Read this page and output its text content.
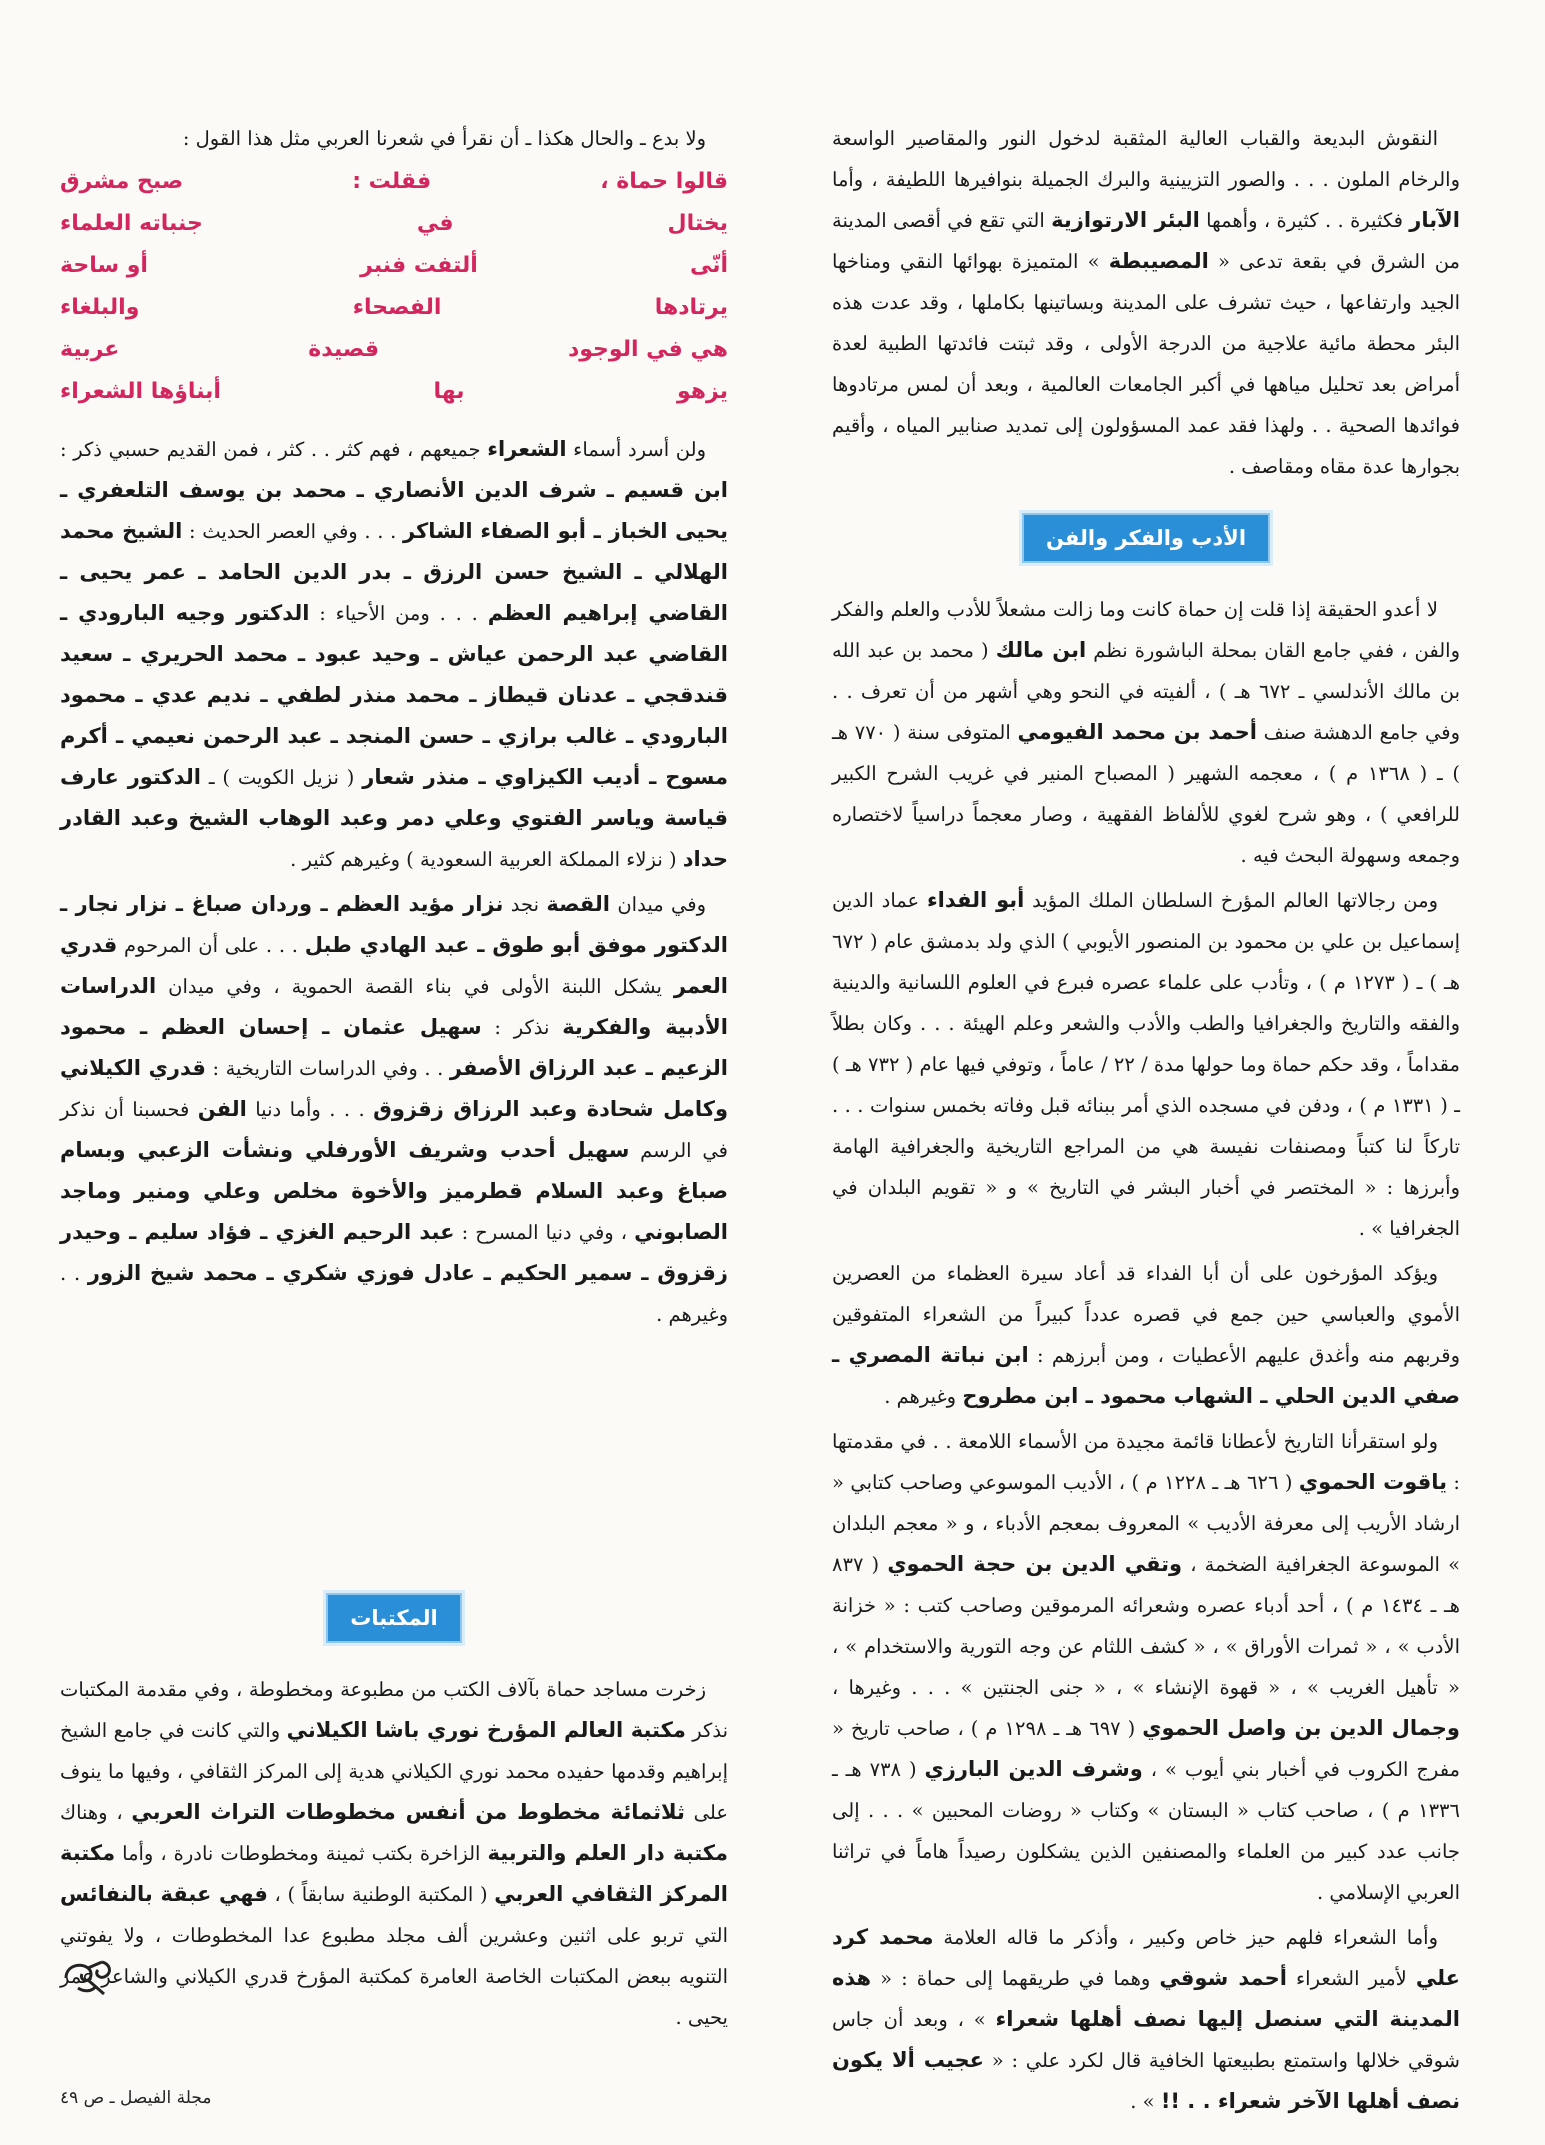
النقوش البديعة والقباب العالية المثقبة لدخول النور والمقاصير الواسعة والرخام الملون . . . والصور التزيينية والبرك الجميلة بنوافيرها اللطيفة ، وأما الآبار فكثيرة . . كثيرة ، وأهمها البئر الارتوازية التي تقع في أقصى المدينة من الشرق في بقعة تدعى « المصيبطة » المتميزة بهوائها النقي ومناخها الجيد وارتفاعها ، حيث تشرف على المدينة وبساتينها بكاملها ، وقد عدت هذه البئر محطة مائية علاجية من الدرجة الأولى ، وقد ثبتت فائدتها الطبية لعدة أمراض بعد تحليل مياهها في أكبر الجامعات العالمية ، وبعد أن لمس مرتادوها فوائدها الصحية . . ولهذا فقد عمد المسؤولون إلى تمديد صنابير المياه ، وأقيم بجوارها عدة مقاه ومقاصف .

الأدب والفكر والفن

لا أعدو الحقيقة إذا قلت إن حماة كانت وما زالت مشعلاً للأدب والعلم والفكر والفن ، ففي جامع القان بمحلة الباشورة نظم ابن مالك ( محمد بن عبد الله بن مالك الأندلسي ـ ٦٧٢ هـ ) ، ألفيته في النحو وهي أشهر من أن تعرف . . وفي جامع الدهشة صنف أحمد بن محمد الفيومي المتوفى سنة ( ٧٧٠ هـ ) ـ ( ١٣٦٨ م ) ، معجمه الشهير ( المصباح المنير في غريب الشرح الكبير للرافعي ) ، وهو شرح لغوي للألفاظ الفقهية ، وصار معجماً دراسياً لاختصاره وجمعه وسهولة البحث فيه .

ومن رجالاتها العالم المؤرخ السلطان الملك المؤيد أبو الفداء عماد الدين إسماعيل بن علي بن محمود بن المنصور الأيوبي ) الذي ولد بدمشق عام ( ٦٧٢ هـ ) ـ ( ١٢٧٣ م ) ، وتأدب على علماء عصره فبرع في العلوم اللسانية والدينية والفقه والتاريخ والجغرافيا والطب والأدب والشعر وعلم الهيئة . . . وكان بطلاً مقداماً ، وقد حكم حماة وما حولها مدة / ٢٢ / عاماً ، وتوفي فيها عام ( ٧٣٢ هـ ) ـ ( ١٣٣١ م ) ، ودفن في مسجده الذي أمر ببنائه قبل وفاته بخمس سنوات . . . تاركاً لنا كتباً ومصنفات نفيسة هي من المراجع التاريخية والجغرافية الهامة وأبرزها : « المختصر في أخبار البشر في التاريخ » و « تقويم البلدان في الجغرافيا » .

ويؤكد المؤرخون على أن أبا الفداء قد أعاد سيرة العظماء من العصرين الأموي والعباسي حين جمع في قصره عدداً كبيراً من الشعراء المتفوقين وقربهم منه وأغدق عليهم الأعطيات ، ومن أبرزهم : ابن نباتة المصري ـ صفي الدين الحلي ـ الشهاب محمود ـ ابن مطروح وغيرهم .

ولو استقرأنا التاريخ لأعطانا قائمة مجيدة من الأسماء اللامعة . . في مقدمتها : ياقوت الحموي ( ٦٢٦ هـ ـ ١٢٢٨ م ) ، الأديب الموسوعي وصاحب كتابي « ارشاد الأريب إلى معرفة الأديب » المعروف بمعجم الأدباء ، و « معجم البلدان » الموسوعة الجغرافية الضخمة ، وتقي الدين بن حجة الحموي ( ٨٣٧ هـ ـ ١٤٣٤ م ) ، أحد أدباء عصره وشعرائه المرموقين وصاحب كتب : « خزانة الأدب » ، « ثمرات الأوراق » ، « كشف اللثام عن وجه التورية والاستخدام » ، « تأهيل الغريب » ، « قهوة الإنشاء » ، « جنى الجنتين » . . . وغيرها ، وجمال الدين بن واصل الحموي ( ٦٩٧ هـ ـ ١٢٩٨ م ) ، صاحب تاريخ « مفرج الكروب في أخبار بني أيوب » ، وشرف الدين البارزي ( ٧٣٨ هـ ـ ١٣٣٦ م ) ، صاحب كتاب « البستان » وكتاب « روضات المحبين » . . . إلى جانب عدد كبير من العلماء والمصنفين الذين يشكلون رصيداً هاماً في تراثنا العربي الإسلامي .

وأما الشعراء فلهم حيز خاص وكبير ، وأذكر ما قاله العلامة محمد كرد علي لأمير الشعراء أحمد شوقي وهما في طريقهما إلى حماة : « هذه المدينة التي سنصل إليها نصف أهلها شعراء » ، وبعد أن جاس شوقي خلالها واستمتع بطبيعتها الخافية قال لكرد علي : « عجيب ألا يكون نصف أهلها الآخر شعراء . . !! » .

ولا بدع ـ والحال هكذا ـ أن نقرأ في شعرنا العربي مثل هذا القول :

قالوا حماة ،
فقلت :
صبح مشرق
يختال
في
جنباته العلماء
أنّى
ألتفت فنبر
أو ساحة
يرتادها
الفصحاء
والبلغاء
هي في الوجود
قصيدة
عربية
يزهو
بها
أبناؤها الشعراء

ولن أسرد أسماء الشعراء جميعهم ، فهم كثر . . كثر ، فمن القديم حسبي ذكر : ابن قسيم ـ شرف الدين الأنصاري ـ محمد بن يوسف التلعفري ـ يحيى الخباز ـ أبو الصفاء الشاكر . . . وفي العصر الحديث : الشيخ محمد الهلالي ـ الشيخ حسن الرزق ـ بدر الدين الحامد ـ عمر يحيى ـ القاضي إبراهيم العظم . . . ومن الأحياء : الدكتور وجيه البارودي ـ القاضي عبد الرحمن عياش ـ وحيد عبود ـ محمد الحريري ـ سعيد قندقجي ـ عدنان قيطاز ـ محمد منذر لطفي ـ نديم عدي ـ محمود البارودي ـ غالب برازي ـ حسن المنجد ـ عبد الرحمن نعيمي ـ أكرم مسوح ـ أديب الكيزاوي ـ منذر شعار ( نزيل الكويت ) ـ الدكتور عارف قياسة وياسر الفتوي وعلي دمر وعبد الوهاب الشيخ وعبد القادر حداد ( نزلاء المملكة العربية السعودية ) وغيرهم كثير .

وفي ميدان القصة نجد نزار مؤيد العظم ـ وردان صباغ ـ نزار نجار ـ الدكتور موفق أبو طوق ـ عبد الهادي طبل . . . على أن المرحوم قدري العمر يشكل اللبنة الأولى في بناء القصة الحموية ، وفي ميدان الدراسات الأدبية والفكرية نذكر : سهيل عثمان ـ إحسان العظم ـ محمود الزعيم ـ عبد الرزاق الأصفر . . وفي الدراسات التاريخية : قدري الكيلاني وكامل شحادة وعبد الرزاق زقزوق . . . وأما دنيا الفن فحسبنا أن نذكر في الرسم سهيل أحدب وشريف الأورفلي ونشأت الزعبي وبسام صباغ وعبد السلام قطرميز والأخوة مخلص وعلي ومنير وماجد الصابوني ، وفي دنيا المسرح : عبد الرحيم الغزي ـ فؤاد سليم ـ وحيدر زقزوق ـ سمير الحكيم ـ عادل فوزي شكري ـ محمد شيخ الزور . . وغيرهم .

المكتبات

زخرت مساجد حماة بآلاف الكتب من مطبوعة ومخطوطة ، وفي مقدمة المكتبات نذكر مكتبة العالم المؤرخ نوري باشا الكيلاني والتي كانت في جامع الشيخ إبراهيم وقدمها حفيده محمد نوري الكيلاني هدية إلى المركز الثقافي ، وفيها ما ينوف على ثلاثمائة مخطوط من أنفس مخطوطات التراث العربي ، وهناك مكتبة دار العلم والتربية الزاخرة بكتب ثمينة ومخطوطات نادرة ، وأما مكتبة المركز الثقافي العربي ( المكتبة الوطنية سابقاً ) ، فهي عبقة بالنفائس التي تربو على اثنين وعشرين ألف مجلد مطبوع عدا المخطوطات ، ولا يفوتني التنويه ببعض المكتبات الخاصة العامرة كمكتبة المؤرخ قدري الكيلاني والشاعر عمر يحيى .

مجلة الفيصل ـ ص ٤٩
